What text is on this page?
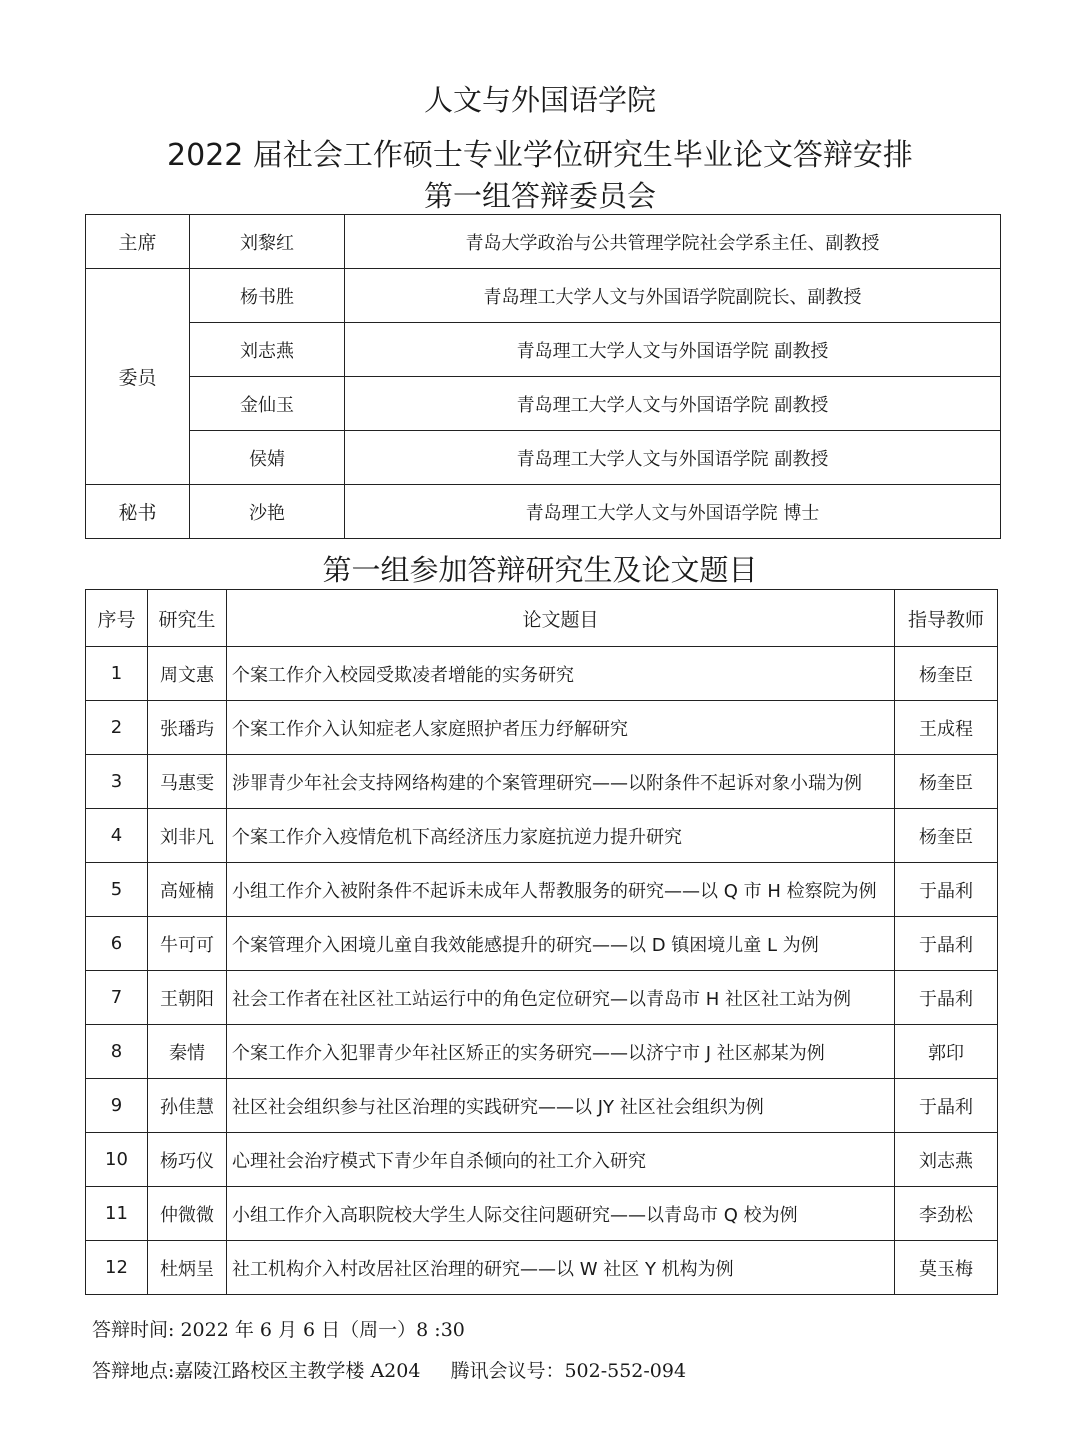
人文与外国语学院
2022 届社会工作硕士专业学位研究生毕业论文答辩安排
第一组答辩委员会
主席	刘黎红	青岛大学政治与公共管理学院社会学系主任、副教授
委员	杨书胜	青岛理工大学人文与外国语学院副院长、副教授
	刘志燕	青岛理工大学人文与外国语学院 副教授
	金仙玉	青岛理工大学人文与外国语学院 副教授
	侯婧	青岛理工大学人文与外国语学院 副教授
秘书	沙艳	青岛理工大学人文与外国语学院 博士
第一组参加答辩研究生及论文题目
序号	研究生	论文题目	指导教师
1	周文惠	个案工作介入校园受欺凌者增能的实务研究	杨奎臣
2	张璠玙	个案工作介入认知症老人家庭照护者压力纾解研究	王成程
3	马惠雯	涉罪青少年社会支持网络构建的个案管理研究——以附条件不起诉对象小瑞为例	杨奎臣
4	刘非凡	个案工作介入疫情危机下高经济压力家庭抗逆力提升研究	杨奎臣
5	高娅楠	小组工作介入被附条件不起诉未成年人帮教服务的研究——以 Q 市 H 检察院为例	于晶利
6	牛可可	个案管理介入困境儿童自我效能感提升的研究——以 D 镇困境儿童 L 为例	于晶利
7	王朝阳	社会工作者在社区社工站运行中的角色定位研究—以青岛市 H 社区社工站为例	于晶利
8	秦情	个案工作介入犯罪青少年社区矫正的实务研究——以济宁市 J 社区郝某为例	郭印
9	孙佳慧	社区社会组织参与社区治理的实践研究——以 JY 社区社会组织为例	于晶利
10	杨巧仪	心理社会治疗模式下青少年自杀倾向的社工介入研究	刘志燕
11	仲微微	小组工作介入高职院校大学生人际交往问题研究——以青岛市 Q 校为例	李劲松
12	杜炳呈	社工机构介入村改居社区治理的研究——以 W 社区 Y 机构为例	莫玉梅
答辩时间: 2022 年 6 月 6 日（周一）8 :30
答辩地点:嘉陵江路校区主教学楼 A204 腾讯会议号：502-552-094
